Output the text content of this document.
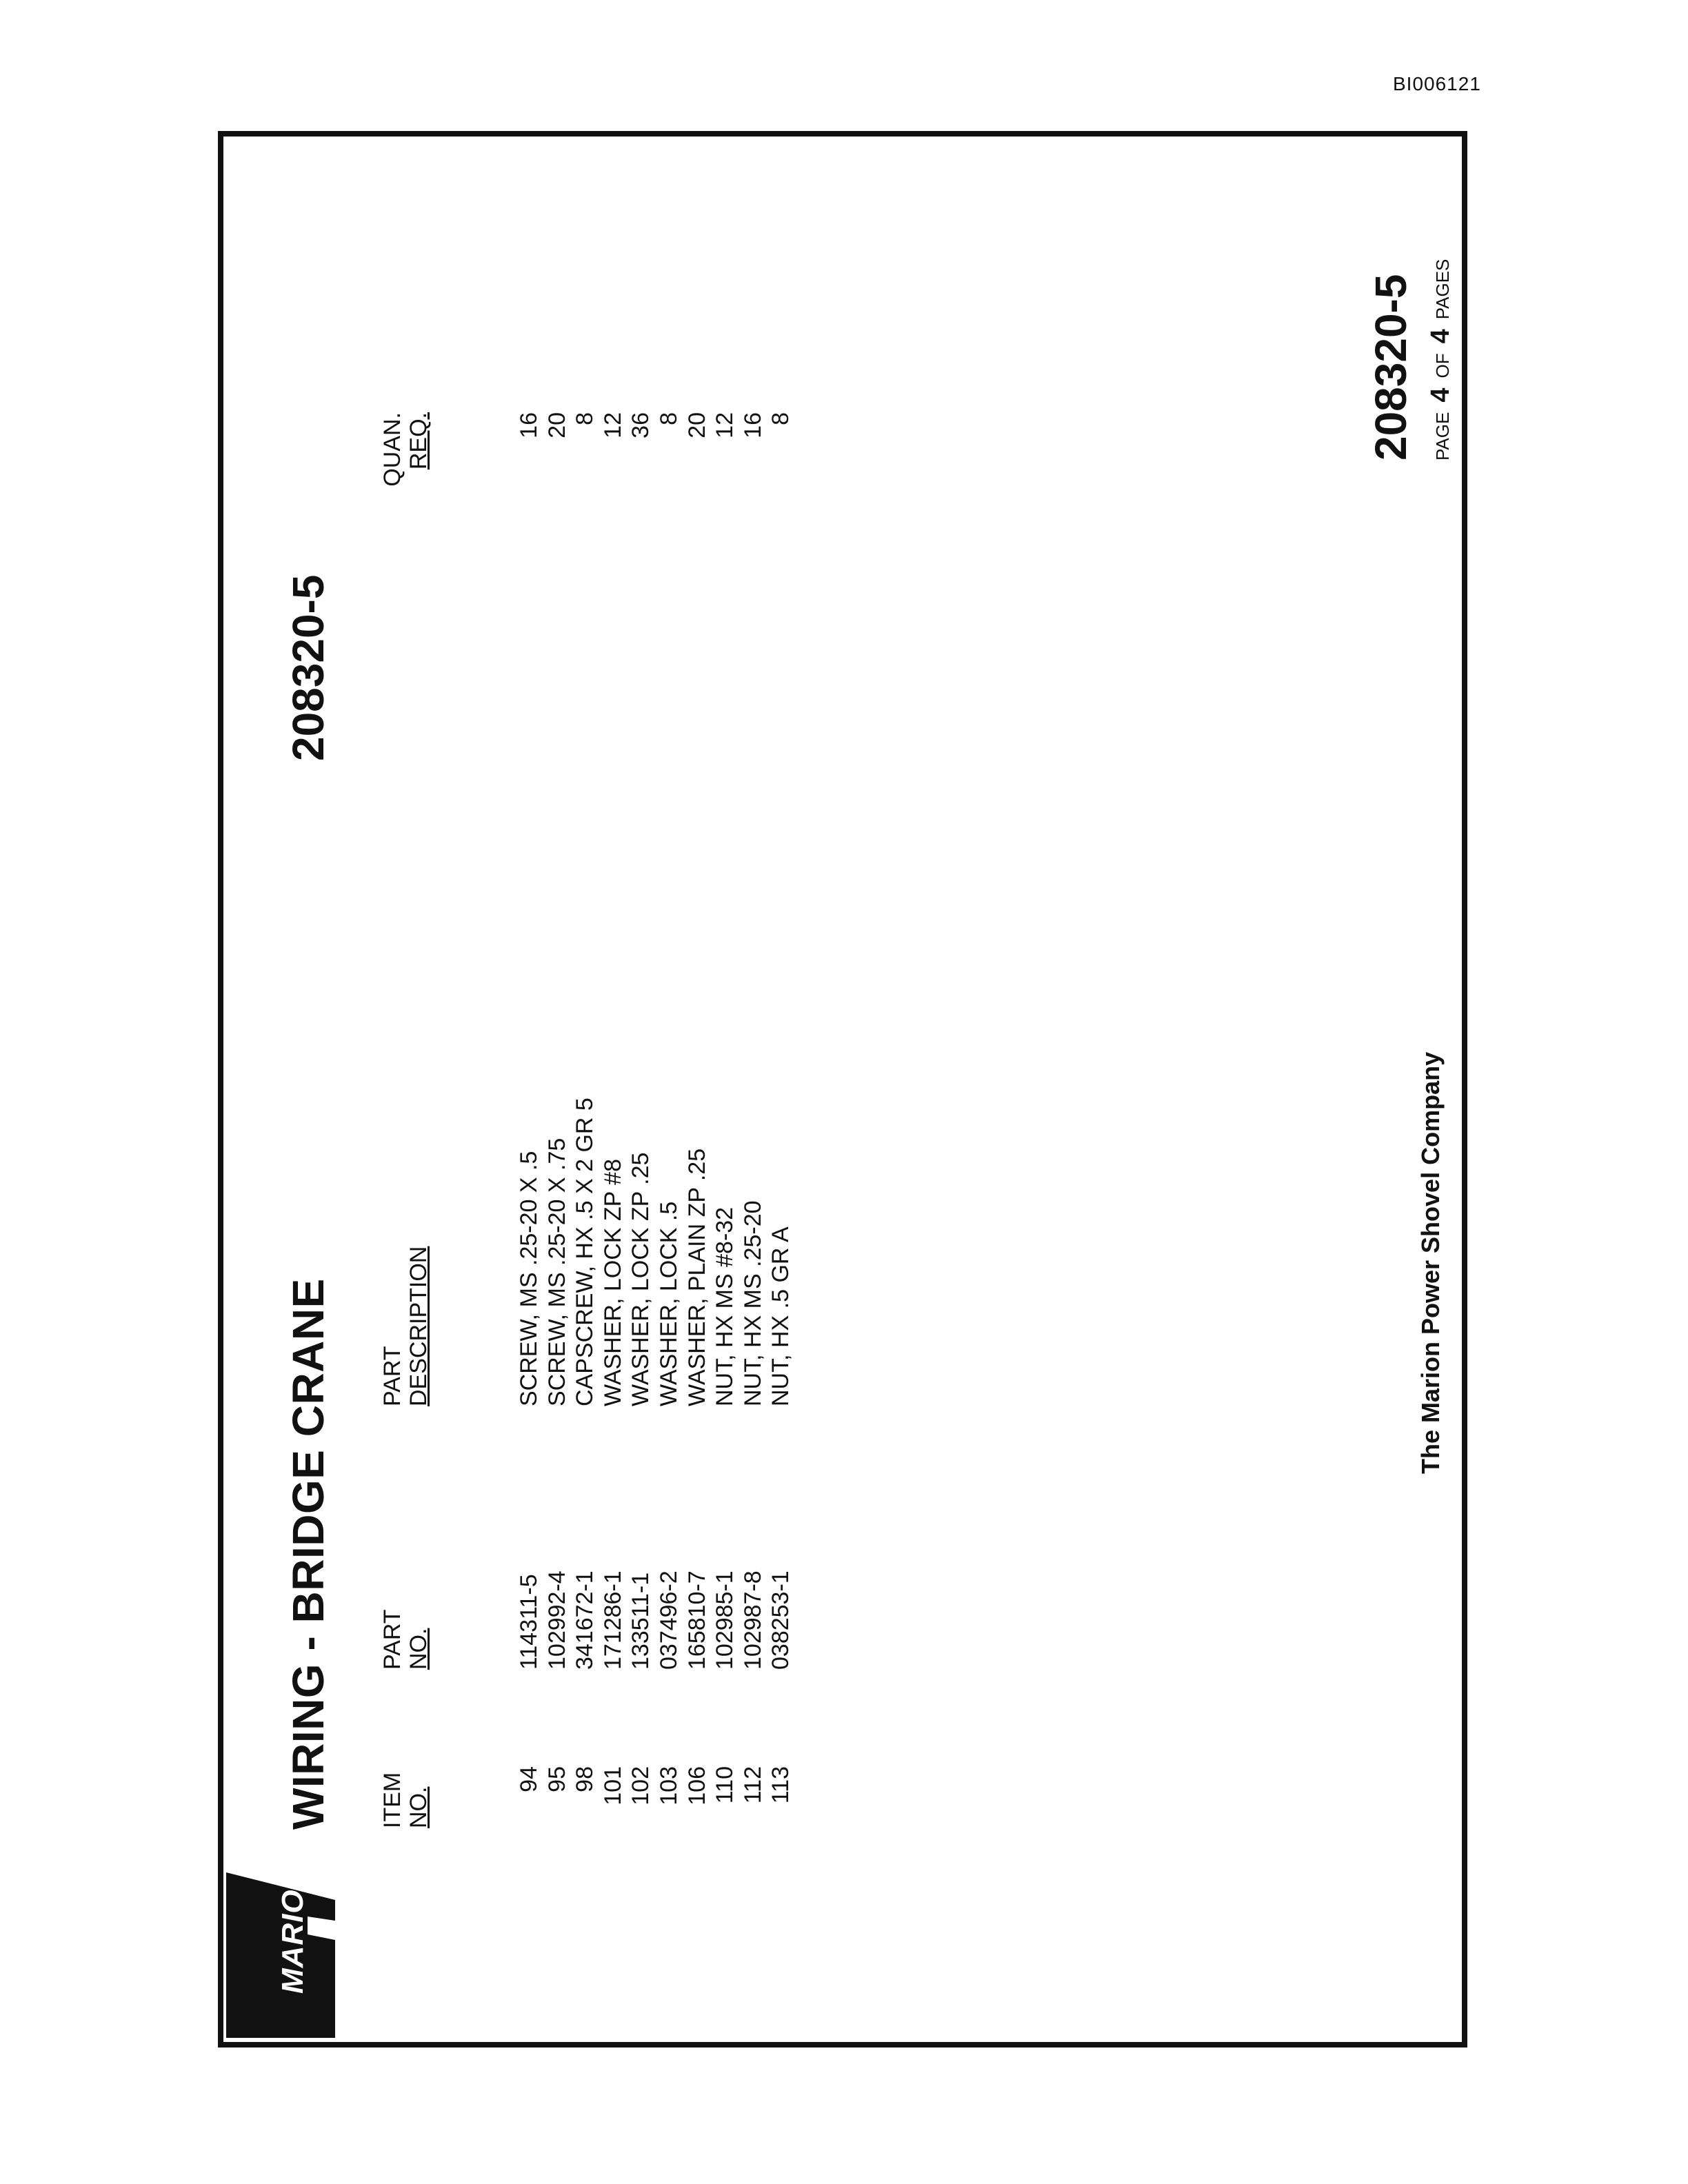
BI006121
MARION
WIRING - BRIDGE CRANE
208320-5
ITEM NO.
PART NO.
PART DESCRIPTION
QUAN. REQ.
94 95 98 101 102 103 106 110 112 113
114311-5 102992-4 341672-1 171286-1 133511-1 037496-2 165810-7 102985-1 102987-8 038253-1
SCREW, MS .25-20 X .5 SCREW, MS .25-20 X .75 CAPSCREW, HX .5 X 2 GR 5 WASHER, LOCK ZP #8 WASHER, LOCK ZP .25 WASHER, LOCK .5 WASHER, PLAIN ZP .25 NUT, HX MS #8-32 NUT, HX MS .25-20 NUT, HX .5 GR A
16 20 8 12 36 8 20 12 16 8
The Marion Power Shovel Company
208320-5 PAGE4OF4PAGES
